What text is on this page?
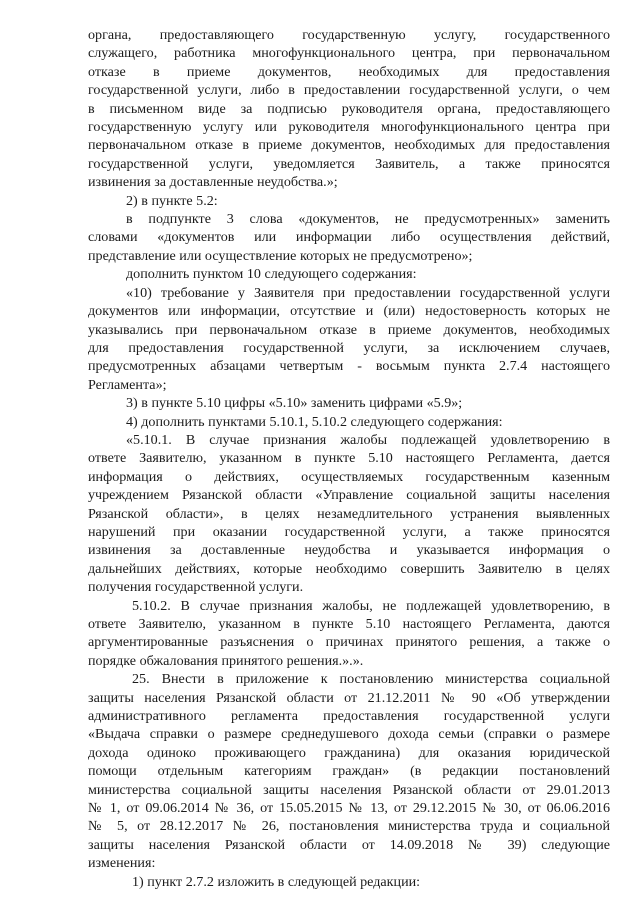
органа, предоставляющего государственную услугу, государственного

служащего, работника многофункционального центра, при первоначальном

отказе в приеме документов, необходимых для предоставления

государственной услуги, либо в предоставлении государственной услуги, о чем

в письменном виде за подписью руководителя органа, предоставляющего

государственную услугу или руководителя многофункционального центра при

первоначальном отказе в приеме документов, необходимых для предоставления

государственной услуги, уведомляется Заявитель, а также приносятся

извинения за доставленные неудобства.»;

2) в пункте 5.2:

в подпункте 3 слова «документов, не предусмотренных» заменить

словами «документов или информации либо осуществления действий,

представление или осуществление которых не предусмотрено»;

дополнить пунктом 10 следующего содержания:

«10) требование у Заявителя при предоставлении государственной услуги

документов или информации, отсутствие и (или) недостоверность которых не

указывались при первоначальном отказе в приеме документов, необходимых

для предоставления государственной услуги, за исключением случаев,

предусмотренных абзацами четвертым - восьмым пункта 2.7.4 настоящего

Регламента»;

3) в пункте 5.10 цифры «5.10» заменить цифрами «5.9»;

4) дополнить пунктами 5.10.1, 5.10.2 следующего содержания:

«5.10.1. В случае признания жалобы подлежащей удовлетворению в

ответе Заявителю, указанном в пункте 5.10 настоящего Регламента, дается

информация о действиях, осуществляемых государственным казенным

учреждением Рязанской области «Управление социальной защиты населения

Рязанской области», в целях незамедлительного устранения выявленных

нарушений при оказании государственной услуги, а также приносятся

извинения за доставленные неудобства и указывается информация о

дальнейших действиях, которые необходимо совершить Заявителю в целях

получения государственной услуги.

5.10.2. В случае признания жалобы, не подлежащей удовлетворению, в

ответе Заявителю, указанном в пункте 5.10 настоящего Регламента, даются

аргументированные разъяснения о причинах принятого решения, а также о

порядке обжалования принятого решения.».».

25. Внести в приложение к постановлению министерства социальной

защиты населения Рязанской области от 21.12.2011 № 90 «Об утверждении

административного регламента предоставления государственной услуги

«Выдача справки о размере среднедушевого дохода семьи (справки о размере

дохода одиноко проживающего гражданина) для оказания юридической

помощи отдельным категориям граждан» (в редакции постановлений

министерства социальной защиты населения Рязанской области от 29.01.2013

№ 1, от 09.06.2014 № 36, от 15.05.2015 № 13, от 29.12.2015 № 30, от 06.06.2016

№ 5, от 28.12.2017 № 26, постановления министерства труда и социальной

защиты населения Рязанской области от 14.09.2018 № 39) следующие

изменения:

1) пункт 2.7.2 изложить в следующей редакции:
